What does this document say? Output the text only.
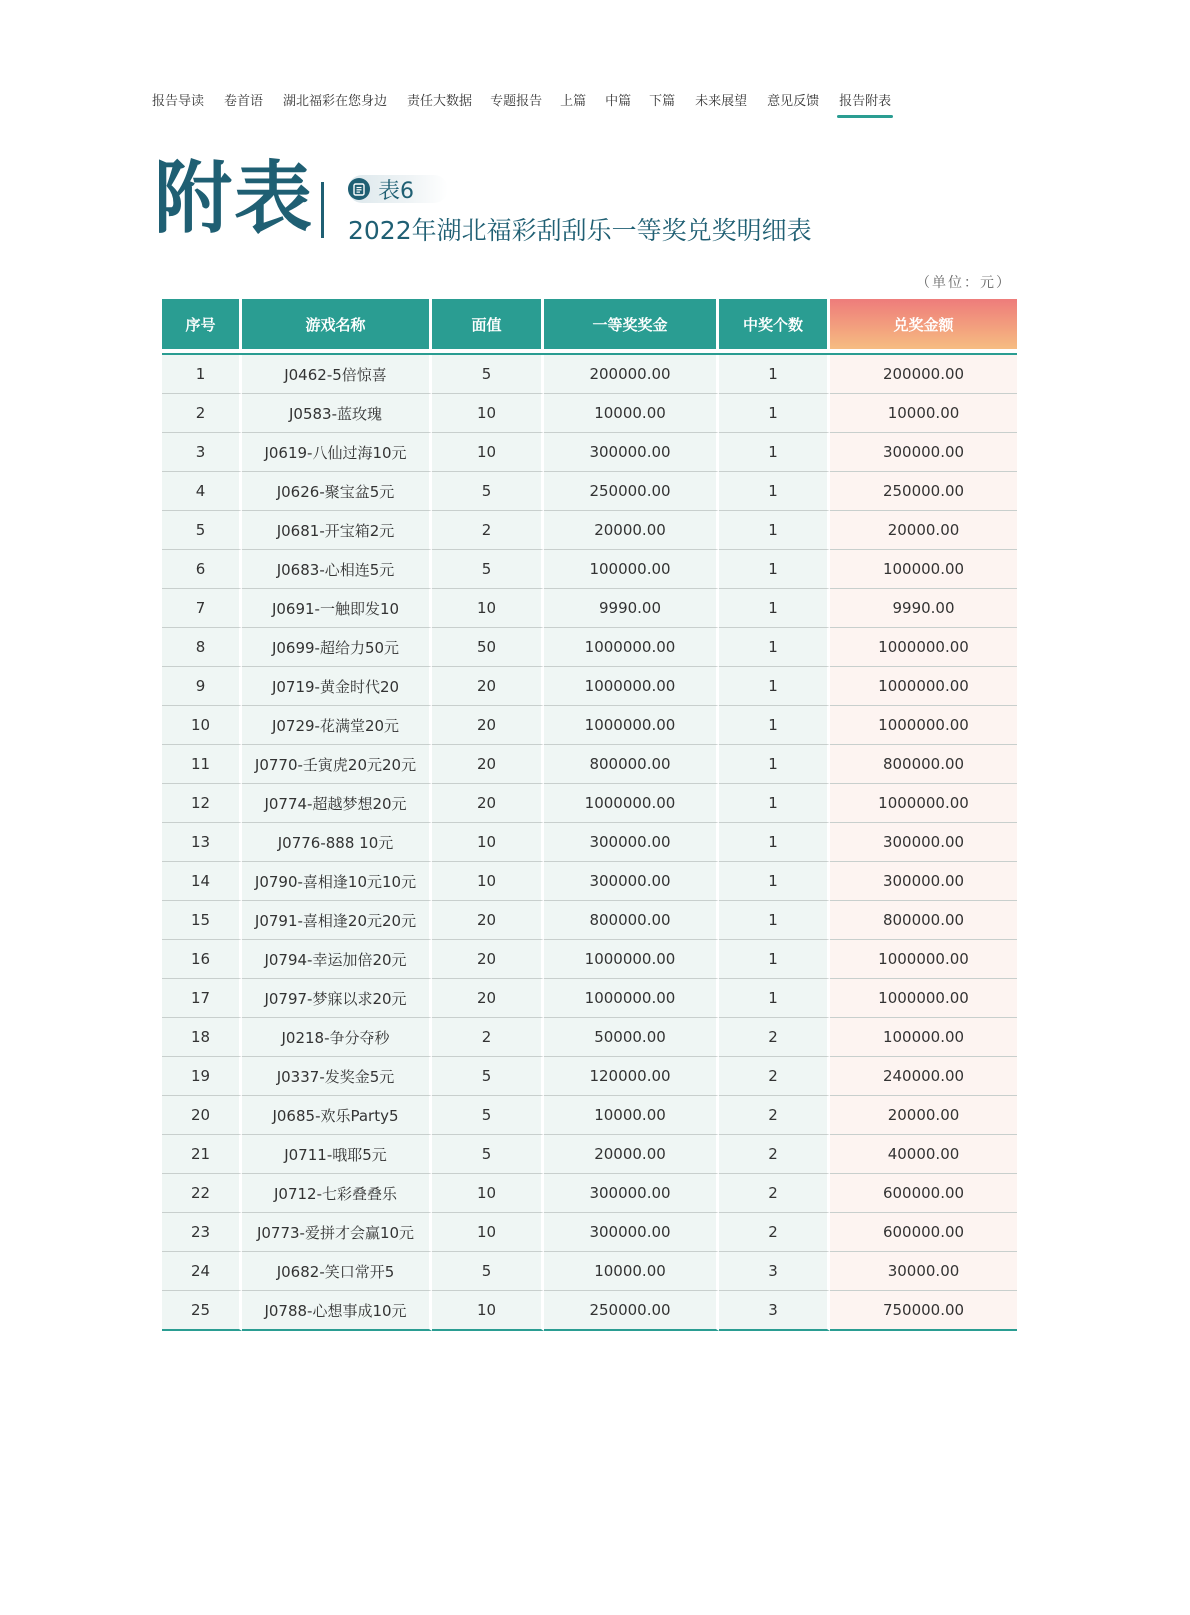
报告导读 卷首语 湖北福彩在您身边 责任大数据 专题报告 上篇 中篇 下篇 未来展望 意见反馈 报告附表
附表	表6
2022年湖北福彩刮刮乐一等奖兑奖明细表
（单位：元）
序号	游戏名称	面值	一等奖奖金	中奖个数	兑奖金额

1	J0462-5倍惊喜	5	200000.00	1	200000.00
2	J0583-蓝玫瑰	10	10000.00	1	10000.00
3	J0619-八仙过海10元	10	300000.00	1	300000.00
4	J0626-聚宝盆5元	5	250000.00	1	250000.00
5	J0681-开宝箱2元	2	20000.00	1	20000.00
6	J0683-心相连5元	5	100000.00	1	100000.00
7	J0691-一触即发10	10	9990.00	1	9990.00
8	J0699-超给力50元	50	1000000.00	1	1000000.00
9	J0719-黄金时代20	20	1000000.00	1	1000000.00
10	J0729-花满堂20元	20	1000000.00	1	1000000.00
11	J0770-壬寅虎20元20元	20	800000.00	1	800000.00
12	J0774-超越梦想20元	20	1000000.00	1	1000000.00
13	J0776-888 10元	10	300000.00	1	300000.00
14	J0790-喜相逢10元10元	10	300000.00	1	300000.00
15	J0791-喜相逢20元20元	20	800000.00	1	800000.00
16	J0794-幸运加倍20元	20	1000000.00	1	1000000.00
17	J0797-梦寐以求20元	20	1000000.00	1	1000000.00
18	J0218-争分夺秒	2	50000.00	2	100000.00
19	J0337-发奖金5元	5	120000.00	2	240000.00
20	J0685-欢乐Party5	5	10000.00	2	20000.00
21	J0711-哦耶5元	5	20000.00	2	40000.00
22	J0712-七彩叠叠乐	10	300000.00	2	600000.00
23	J0773-爱拼才会赢10元	10	300000.00	2	600000.00
24	J0682-笑口常开5	5	10000.00	3	30000.00
25	J0788-心想事成10元	10	250000.00	3	750000.00
